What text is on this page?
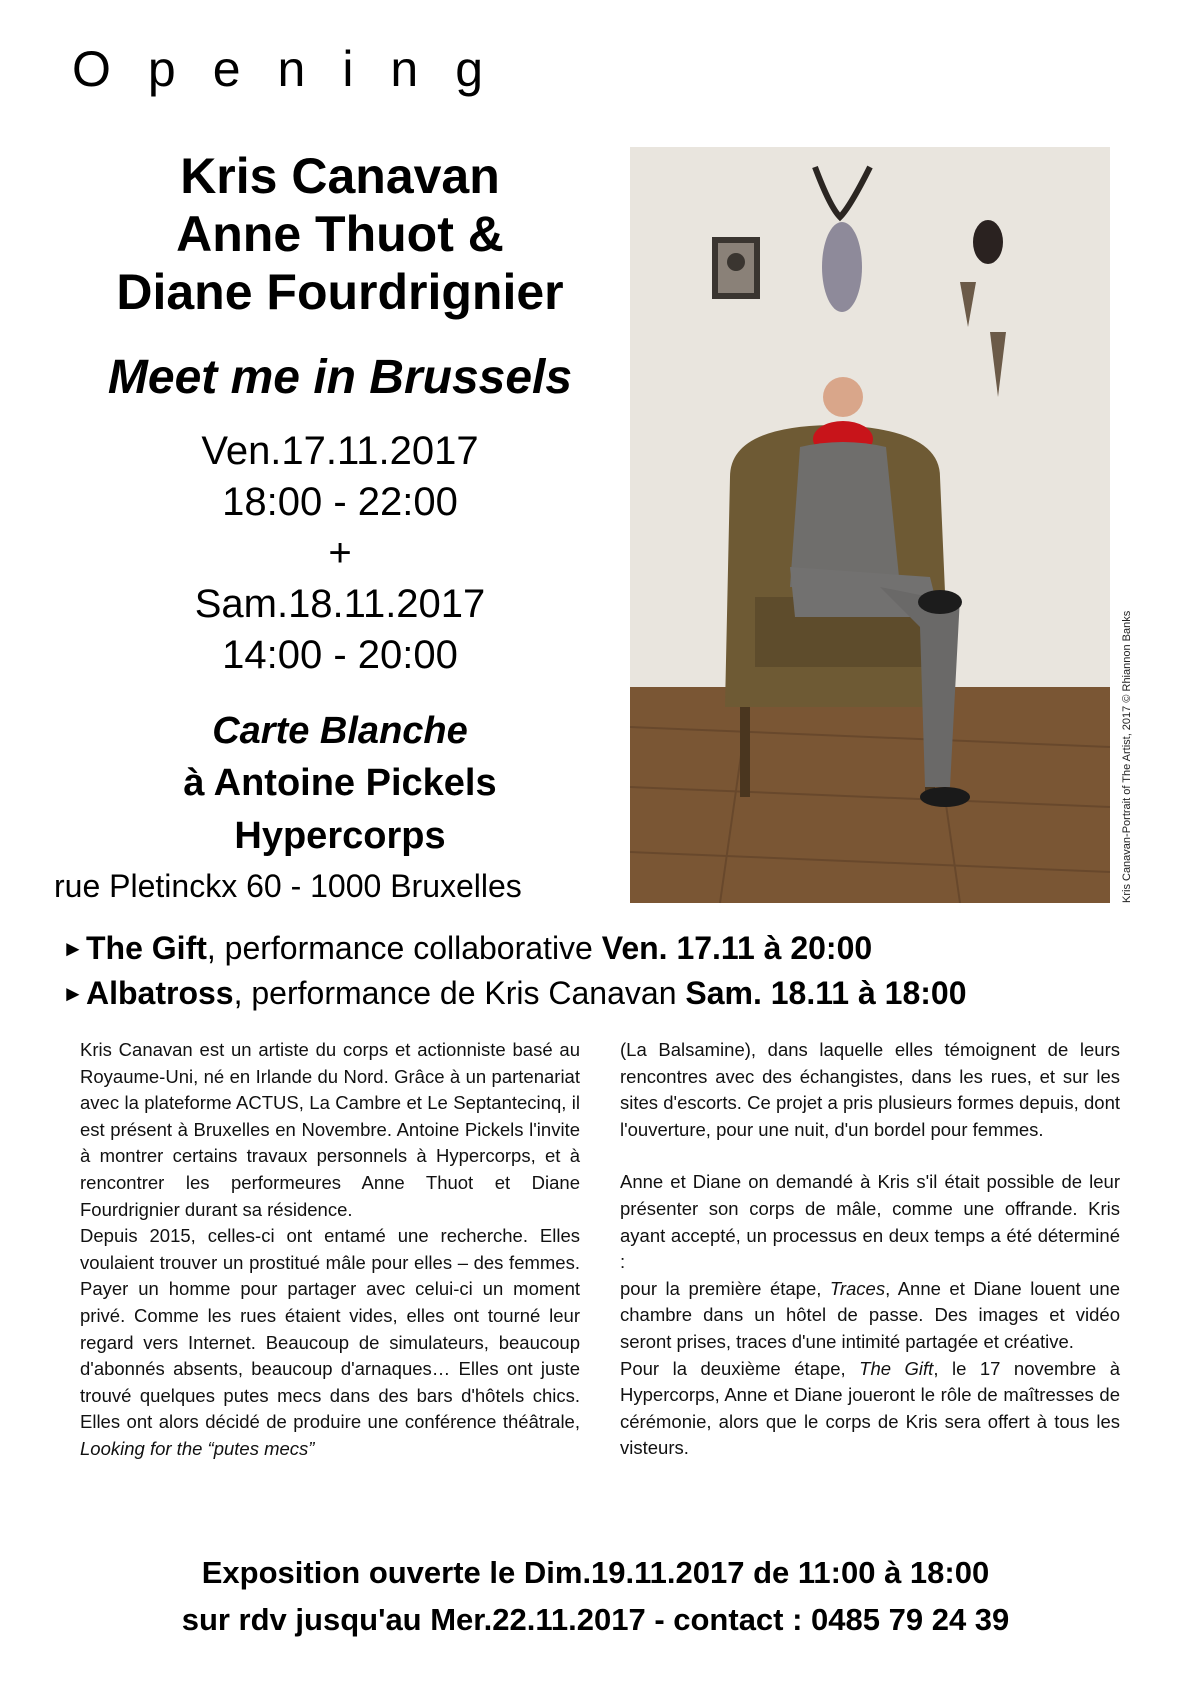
Opening
Kris Canavan
Anne Thuot &
Diane Fourdrignier
Meet me in Brussels
Ven.17.11.2017
18:00 - 22:00
+
Sam.18.11.2017
14:00 - 20:00
Carte Blanche
à Antoine Pickels
Hypercorps
rue Pletinckx 60 - 1000 Bruxelles	Kris Canavan-Portrait of The Artist, 2017 © Rhiannon Banks
►The Gift, performance collaborative Ven. 17.11 à 20:00
►Albatross, performance de Kris Canavan Sam. 18.11 à 18:00

Kris Canavan est un artiste du corps et actionniste basé au Royaume-Uni, né en Irlande du Nord. Grâce à un partenariat avec la plateforme ACTUS, La Cambre et Le Septantecinq, il est présent à Bruxelles en Novembre. Antoine Pickels l'invite à montrer certains travaux personnels à Hypercorps, et à rencontrer les performeures Anne Thuot et Diane Fourdrignier durant sa résidence.

Depuis 2015, celles-ci ont entamé une recherche. Elles voulaient trouver un prostitué mâle pour elles – des femmes. Payer un homme pour partager avec celui-ci un moment privé. Comme les rues étaient vides, elles ont tourné leur regard vers Internet. Beaucoup de simulateurs, beaucoup d'abonnés absents, beaucoup d'arnaques… Elles ont juste trouvé quelques putes mecs dans des bars d'hôtels chics. Elles ont alors décidé de produire une conférence théâtrale, Looking for the “putes mecs”

(La Balsamine), dans laquelle elles témoignent de leurs rencontres avec des échangistes, dans les rues, et sur les sites d'escorts. Ce projet a pris plusieurs formes depuis, dont l'ouverture, pour une nuit, d'un bordel pour femmes.

Anne et Diane on demandé à Kris s'il était possible de leur présenter son corps de mâle, comme une offrande. Kris ayant accepté, un processus en deux temps a été déterminé :

pour la première étape, Traces, Anne et Diane louent une chambre dans un hôtel de passe. Des images et vidéo seront prises, traces d'une intimité partagée et créative.

Pour la deuxième étape, The Gift, le 17 novembre à Hypercorps, Anne et Diane joueront le rôle de maîtresses de cérémonie, alors que le corps de Kris sera offert à tous les visteurs.

Exposition ouverte le Dim.19.11.2017 de 11:00 à 18:00
sur rdv jusqu'au Mer.22.11.2017 - contact : 0485 79 24 39
